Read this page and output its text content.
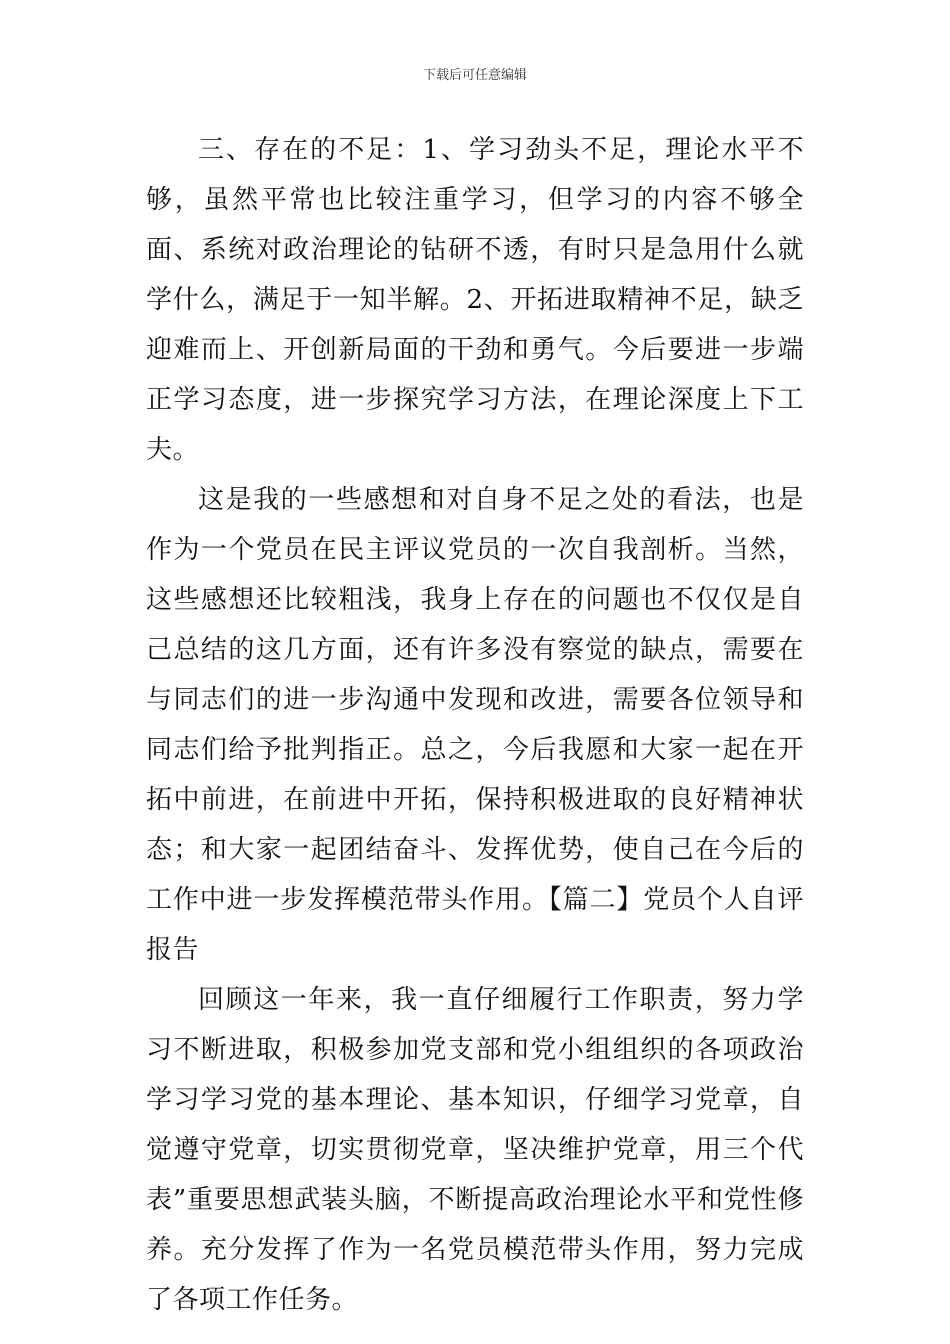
下载后可任意编辑

三、存在的不足：1、学习劲头不足，理论水平不够，虽然平常也比较注重学习，但学习的内容不够全面、系统对政治理论的钻研不透，有时只是急用什么就学什么，满足于一知半解。2、开拓进取精神不足，缺乏迎难而上、开创新局面的干劲和勇气。今后要进一步端正学习态度，进一步探究学习方法，在理论深度上下工夫。

这是我的一些感想和对自身不足之处的看法，也是作为一个党员在民主评议党员的一次自我剖析。当然，这些感想还比较粗浅，我身上存在的问题也不仅仅是自己总结的这几方面，还有许多没有察觉的缺点，需要在与同志们的进一步沟通中发现和改进，需要各位领导和同志们给予批判指正。总之，今后我愿和大家一起在开拓中前进，在前进中开拓，保持积极进取的良好精神状态；和大家一起团结奋斗、发挥优势，使自己在今后的工作中进一步发挥模范带头作用。【篇二】党员个人自评报告

回顾这一年来，我一直仔细履行工作职责，努力学习不断进取，积极参加党支部和党小组组织的各项政治学习学习党的基本理论、基本知识，仔细学习党章，自觉遵守党章，切实贯彻党章，坚决维护党章，用三个代表”重要思想武装头脑，不断提高政治理论水平和党性修养。充分发挥了作为一名党员模范带头作用，努力完成了各项工作任务。
